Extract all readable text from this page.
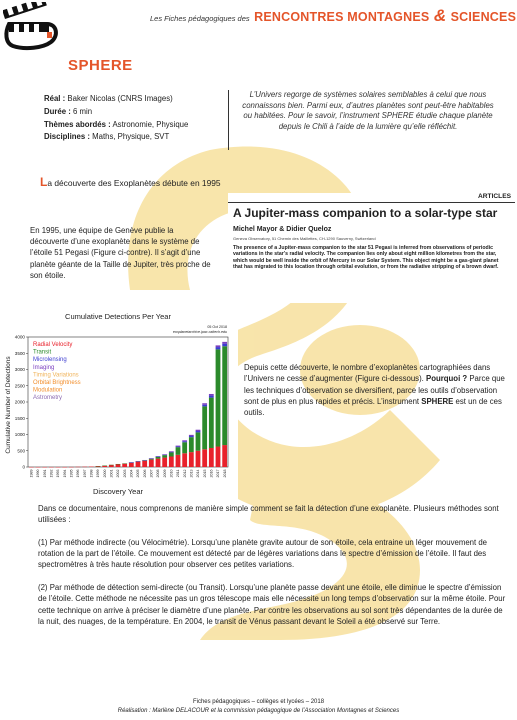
Les Fiches pédagogiques des RENCONTRES MONTAGNES & SCIENCES
SPHERE
Réal : Baker Nicolas (CNRS Images)
Durée : 6 min
Thèmes abordés : Astronomie, Physique
Disciplines : Maths, Physique, SVT
L’Univers regorge de systèmes solaires semblables à celui que nous connaissons bien. Parmi eux, d’autres planètes sont peut-être habitables ou habitées. Pour le savoir, l’instrument SPHERE étudie chaque planète depuis le Chili à l’aide de la lumière qu’elle réfléchit.
La découverte des Exoplanètes débute en 1995
En 1995, une équipe de Genève publie la découverte d’une exoplanète dans le système de l’étoile 51 Pegasi (Figure ci-contre). Il s’agit d’une planète géante de la Taille de Jupiter, très proche de son étoile.
ARTICLES
A Jupiter-mass companion to a solar-type star
Michel Mayor & Didier Queloz
Geneva Observatory, 51 Chemin des Maillettes, CH-1290 Sauverny, Switzerland
The presence of a Jupiter-mass companion to the star 51 Pegasi is inferred from observations of periodic variations in the star’s radial velocity. The companion lies only about eight million kilometres from the star, which would be well inside the orbit of Mercury in our Solar System. This object might be a gas-giant planet that has migrated to this location through orbital evolution, or from the radiative stripping of a brown dwarf.
Cumulative Detections Per Year
05 Oct 2018
exoplanetarchive.ipac.caltech.edu
Cumulative Number of Detections
Discovery Year
0
500
1000
1500
2000
2500
3000
3500
4000
1989 1990 1991 1992 1993 1994 1995 1996 1997 1998 1999 2000 2001 2002 2003 2004 2005 2006 2007 2008 2009 2010 2011 2012 2013 2014 2015 2016 2017 2018
Radial Velocity
Transit
Microlensing
Imaging
Timing Variations
Orbital Brightness
Modulation
Astrometry
Depuis cette découverte, le nombre d’exoplanètes cartographiées dans l’Univers ne cesse d’augmenter (Figure ci-dessous). Pourquoi ? Parce que les techniques d’observation se diversifient, parce les outils d’observation sont de plus en plus rapides et précis. L’instrument SPHERE est un de ces outils.

Dans ce documentaire, nous comprenons de manière simple comment se fait la détection d’une exoplanète. Plusieurs méthodes sont utilisées :

(1) Par méthode indirecte (ou Vélocimétrie). Lorsqu’une planète gravite autour de son étoile, cela entraine un léger mouvement de rotation de la part de l’étoile. Ce mouvement est détecté par de légères variations dans le spectre d’émission de l’étoile. Il faut des spectromètres à très haute résolution pour observer ces petites variations.

(2) Par méthode de détection semi-directe (ou Transit). Lorsqu’une planète passe devant une étoile, elle diminue le spectre d’émission de l’étoile. Cette méthode ne nécessite pas un gros télescope mais elle nécessite un long temps d’observation sur la même étoile. Pour cette technique on arrive à préciser le diamètre d’une planète. Par contre les observations au sol sont très dépendantes de la durée de la nuit, des nuages, de la température. En 2004, le transit de Vénus passant devant le Soleil a été observé sur Terre.

Fiches pédagogiques – collèges et lycées – 2018
Réalisation : Marlène DELACOUR et la commission pédagogique de l’Association Montagnes et Sciences
